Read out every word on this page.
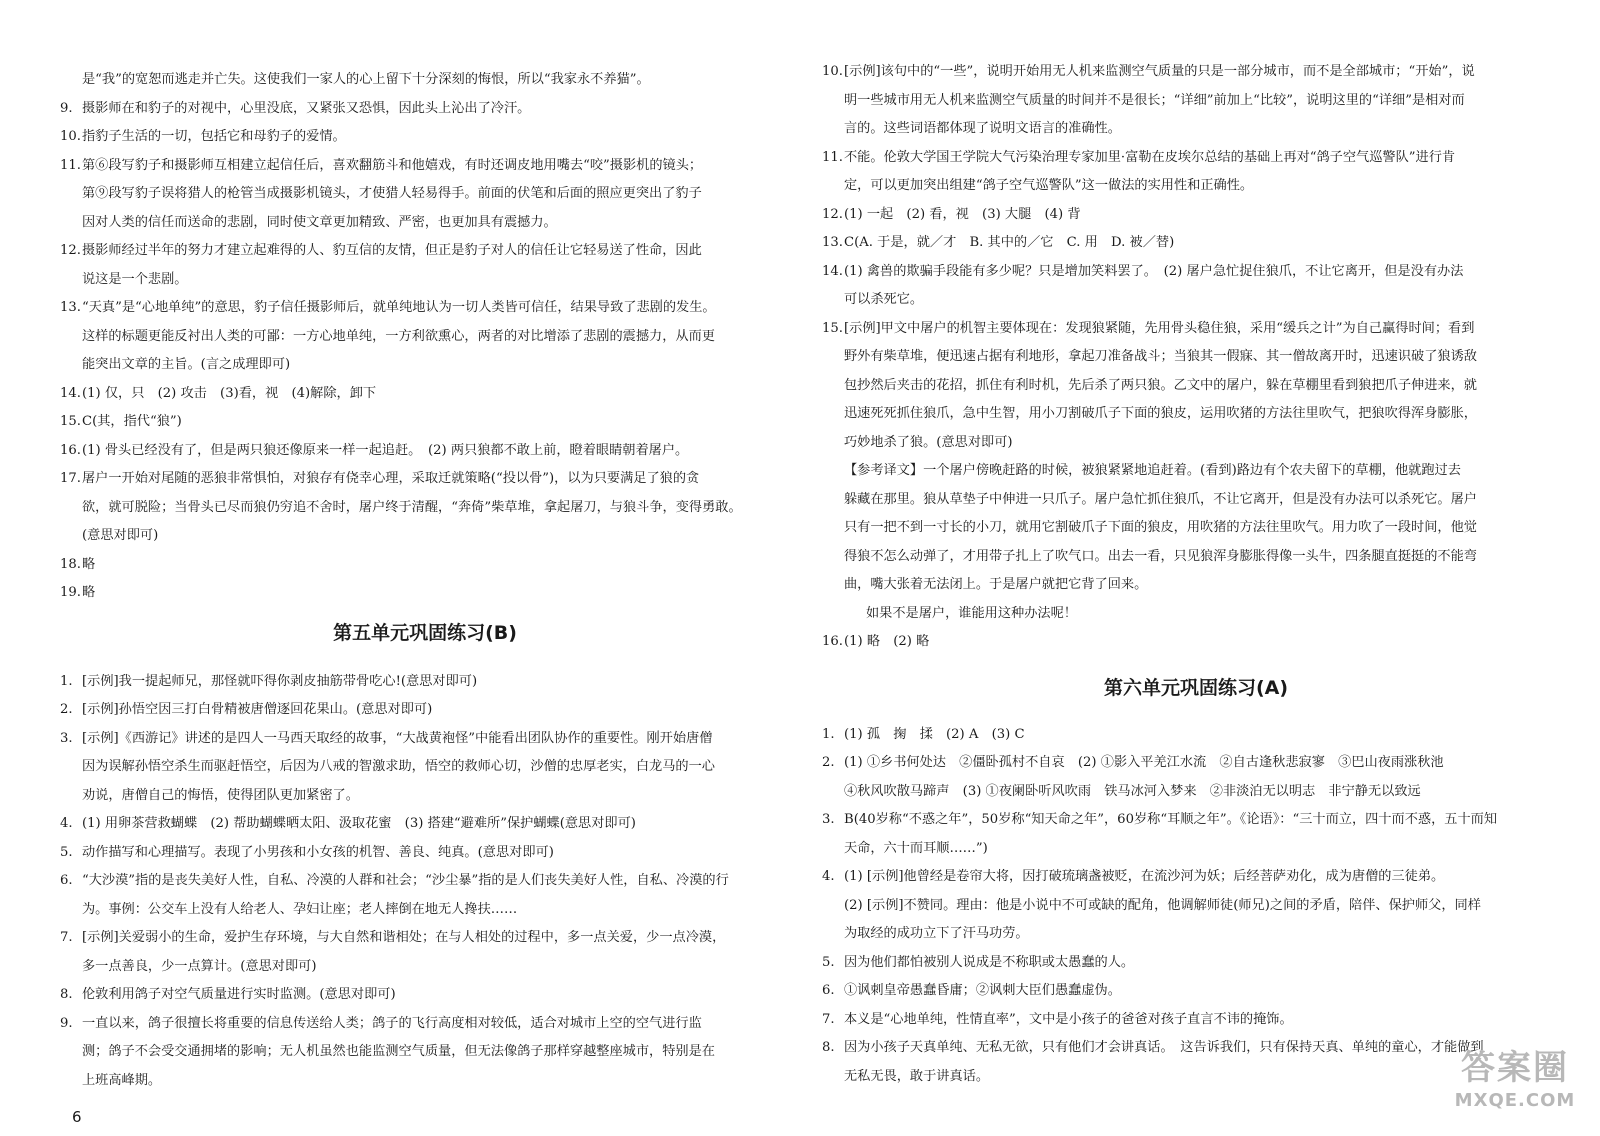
是“我”的宽恕而逃走并亡失。这使我们一家人的心上留下十分深刻的悔恨，所以“我家永不养猫”。

9. 摄影师在和豹子的对视中，心里没底，又紧张又恐惧，因此头上沁出了冷汗。

10.指豹子生活的一切，包括它和母豹子的爱情。

11.第⑥段写豹子和摄影师互相建立起信任后，喜欢翻筋斗和他嬉戏，有时还调皮地用嘴去“咬”摄影机的镜头；

第⑨段写豹子误将猎人的枪管当成摄影机镜头，才使猎人轻易得手。前面的伏笔和后面的照应更突出了豹子

因对人类的信任而送命的悲剧，同时使文章更加精致、严密，也更加具有震撼力。

12.摄影师经过半年的努力才建立起难得的人、豹互信的友情，但正是豹子对人的信任让它轻易送了性命，因此

说这是一个悲剧。

13.“天真”是“心地单纯”的意思，豹子信任摄影师后，就单纯地认为一切人类皆可信任，结果导致了悲剧的发生。

这样的标题更能反衬出人类的可鄙：一方心地单纯，一方利欲熏心，两者的对比增添了悲剧的震撼力，从而更

能突出文章的主旨。(言之成理即可)

14.(1) 仅，只　(2) 攻击　(3)看，视　(4)解除，卸下

15.C(其，指代“狼”)

16.(1) 骨头已经没有了，但是两只狼还像原来一样一起追赶。　(2) 两只狼都不敢上前，瞪着眼睛朝着屠户。

17.屠户一开始对尾随的恶狼非常惧怕，对狼存有侥幸心理，采取迁就策略(“投以骨”)，以为只要满足了狼的贪

欲，就可脱险；当骨头已尽而狼仍穷追不舍时，屠户终于清醒，“奔倚”柴草堆，拿起屠刀，与狼斗争，变得勇敢。

(意思对即可)

18.略

19.略

第五单元巩固练习(B)

1. [示例]我一提起师兄，那怪就吓得你剥皮抽筋带骨吃心!(意思对即可)

2. [示例]孙悟空因三打白骨精被唐僧逐回花果山。(意思对即可)

3. [示例]《西游记》讲述的是四人一马西天取经的故事，“大战黄袍怪”中能看出团队协作的重要性。刚开始唐僧

因为误解孙悟空杀生而驱赶悟空，后因为八戒的智激求助，悟空的救师心切，沙僧的忠厚老实，白龙马的一心

劝说，唐僧自己的悔悟，使得团队更加紧密了。

4. (1) 用卵茶营救蝴蝶　(2) 帮助蝴蝶晒太阳、汲取花蜜　(3) 搭建“避难所”保护蝴蝶(意思对即可)

5. 动作描写和心理描写。表现了小男孩和小女孩的机智、善良、纯真。(意思对即可)

6. “大沙漠”指的是丧失美好人性，自私、冷漠的人群和社会；“沙尘暴”指的是人们丧失美好人性，自私、冷漠的行

为。事例：公交车上没有人给老人、孕妇让座；老人摔倒在地无人搀扶……

7. [示例]关爱弱小的生命，爱护生存环境，与大自然和谐相处；在与人相处的过程中，多一点关爱，少一点冷漠，

多一点善良，少一点算计。(意思对即可)

8. 伦敦利用鸽子对空气质量进行实时监测。(意思对即可)

9. 一直以来，鸽子很擅长将重要的信息传送给人类；鸽子的飞行高度相对较低，适合对城市上空的空气进行监

测；鸽子不会受交通拥堵的影响；无人机虽然也能监测空气质量，但无法像鸽子那样穿越整座城市，特别是在

上班高峰期。

6

10.[示例]该句中的“一些”，说明开始用无人机来监测空气质量的只是一部分城市，而不是全部城市；“开始”，说

明一些城市用无人机来监测空气质量的时间并不是很长；“详细”前加上“比较”，说明这里的“详细”是相对而

言的。这些词语都体现了说明文语言的准确性。

11.不能。伦敦大学国王学院大气污染治理专家加里·富勒在皮埃尔总结的基础上再对“鸽子空气巡警队”进行肯

定，可以更加突出组建“鸽子空气巡警队”这一做法的实用性和正确性。

12.(1) 一起　(2) 看，视　(3) 大腿　(4) 背

13.C(A. 于是，就／才　B. 其中的／它　C. 用　D. 被／替)

14.(1) 禽兽的欺骗手段能有多少呢？只是增加笑料罢了。　(2) 屠户急忙捉住狼爪，不让它离开，但是没有办法

可以杀死它。

15.[示例]甲文中屠户的机智主要体现在：发现狼紧随，先用骨头稳住狼，采用“缓兵之计”为自己赢得时间；看到

野外有柴草堆，便迅速占据有利地形，拿起刀准备战斗；当狼其一假寐、其一僧故离开时，迅速识破了狼诱敌

包抄然后夹击的花招，抓住有利时机，先后杀了两只狼。乙文中的屠户，躲在草棚里看到狼把爪子伸进来，就

迅速死死抓住狼爪，急中生智，用小刀割破爪子下面的狼皮，运用吹猪的方法往里吹气，把狼吹得浑身膨胀，

巧妙地杀了狼。(意思对即可)

【参考译文】一个屠户傍晚赶路的时候，被狼紧紧地追赶着。(看到)路边有个农夫留下的草棚，他就跑过去

躲藏在那里。狼从草垫子中伸进一只爪子。屠户急忙抓住狼爪，不让它离开，但是没有办法可以杀死它。屠户

只有一把不到一寸长的小刀，就用它割破爪子下面的狼皮，用吹猪的方法往里吹气。用力吹了一段时间，他觉

得狼不怎么动弹了，才用带子扎上了吹气口。出去一看，只见狼浑身膨胀得像一头牛，四条腿直挺挺的不能弯

曲，嘴大张着无法闭上。于是屠户就把它背了回来。

如果不是屠户，谁能用这种办法呢！

16.(1) 略　(2) 略

第六单元巩固练习(A)

1. (1) 孤　掬　揉　(2) A　(3) C

2. (1) ①乡书何处达　②僵卧孤村不自哀　(2) ①影入平羌江水流　②自古逢秋悲寂寥　③巴山夜雨涨秋池

④秋风吹散马蹄声　(3) ①夜阑卧听风吹雨　铁马冰河入梦来　②非淡泊无以明志　非宁静无以致远

3. B(40岁称“不惑之年”，50岁称“知天命之年”，60岁称“耳顺之年”。《论语》：“三十而立，四十而不惑，五十而知

天命，六十而耳顺……”)

4. (1) [示例]他曾经是卷帘大将，因打破琉璃盏被贬，在流沙河为妖；后经菩萨劝化，成为唐僧的三徒弟。

(2) [示例]不赞同。理由：他是小说中不可或缺的配角，他调解师徒(师兄)之间的矛盾，陪伴、保护师父，同样

为取经的成功立下了汗马功劳。

5. 因为他们都怕被别人说成是不称职或太愚蠢的人。

6. ①讽刺皇帝愚蠢昏庸；②讽刺大臣们愚蠢虚伪。

7. 本义是“心地单纯，性情直率”，文中是小孩子的爸爸对孩子直言不讳的掩饰。

8. 因为小孩子天真单纯、无私无欲，只有他们才会讲真话。　这告诉我们，只有保持天真、单纯的童心，才能做到

无私无畏，敢于讲真话。	答案圈
MXQE.COM
